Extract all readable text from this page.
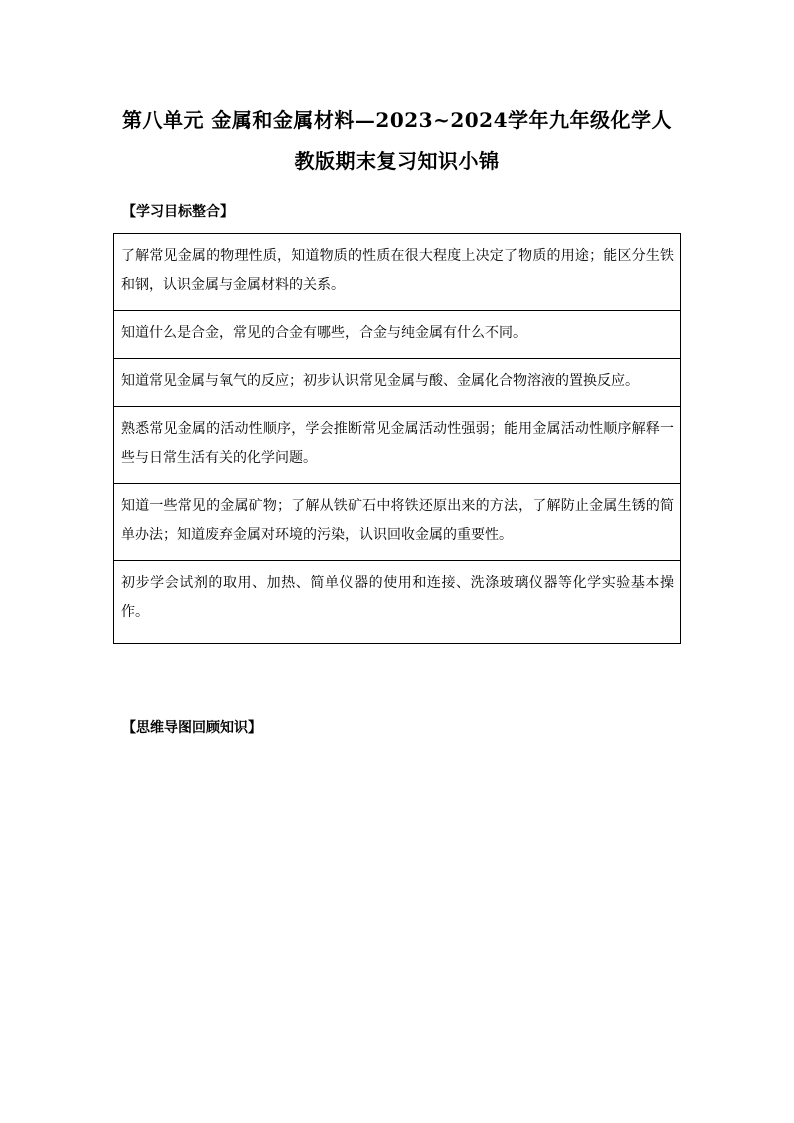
第八单元 金属和金属材料—2023~2024学年九年级化学人
教版期末复习知识小锦
【学习目标整合】
了解常见金属的物理性质，知道物质的性质在很大程度上决定了物质的用途；能区分生铁和钢，认识金属与金属材料的关系。
知道什么是合金，常见的合金有哪些，合金与纯金属有什么不同。
知道常见金属与氧气的反应；初步认识常见金属与酸、金属化合物溶液的置换反应。
熟悉常见金属的活动性顺序，学会推断常见金属活动性强弱；能用金属活动性顺序解释一些与日常生活有关的化学问题。
知道一些常见的金属矿物；了解从铁矿石中将铁还原出来的方法，了解防止金属生锈的简单办法；知道废弃金属对环境的污染，认识回收金属的重要性。
初步学会试剂的取用、加热、简单仪器的使用和连接、洗涤玻璃仪器等化学实验基本操作。
【思维导图回顾知识】
